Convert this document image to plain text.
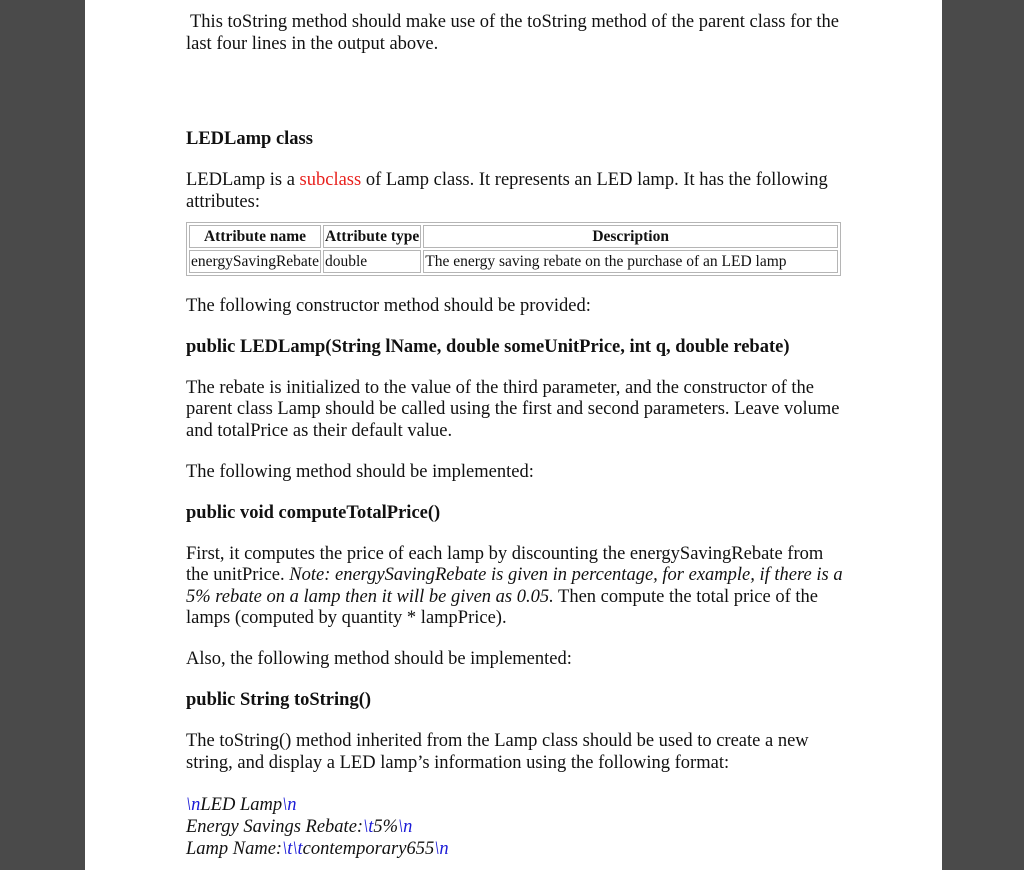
This toString method should make use of the toString method of the parent class for the last four lines in the output above.

LEDLamp class

LEDLamp is a subclass of Lamp class. It represents an LED lamp. It has the following attributes:

Attribute name	Attribute type	Description
energySavingRebate	double	The energy saving rebate on the purchase of an LED lamp

The following constructor method should be provided:

public LEDLamp(String lName, double someUnitPrice, int q, double rebate)

The rebate is initialized to the value of the third parameter, and the constructor of the parent class Lamp should be called using the first and second parameters. Leave volume and totalPrice as their default value.

The following method should be implemented:

public void computeTotalPrice()

First, it computes the price of each lamp by discounting the energySavingRebate from the unitPrice. Note: energySavingRebate is given in percentage, for example, if there is a 5% rebate on a lamp then it will be given as 0.05. Then compute the total price of the lamps (computed by quantity * lampPrice).

Also, the following method should be implemented:

public String toString()

The toString() method inherited from the Lamp class should be used to create a new string, and display a LED lamp’s information using the following format:

\nLED Lamp\n
Energy Savings Rebate:\t5%\n
Lamp Name:\t\tcontemporary655\n
